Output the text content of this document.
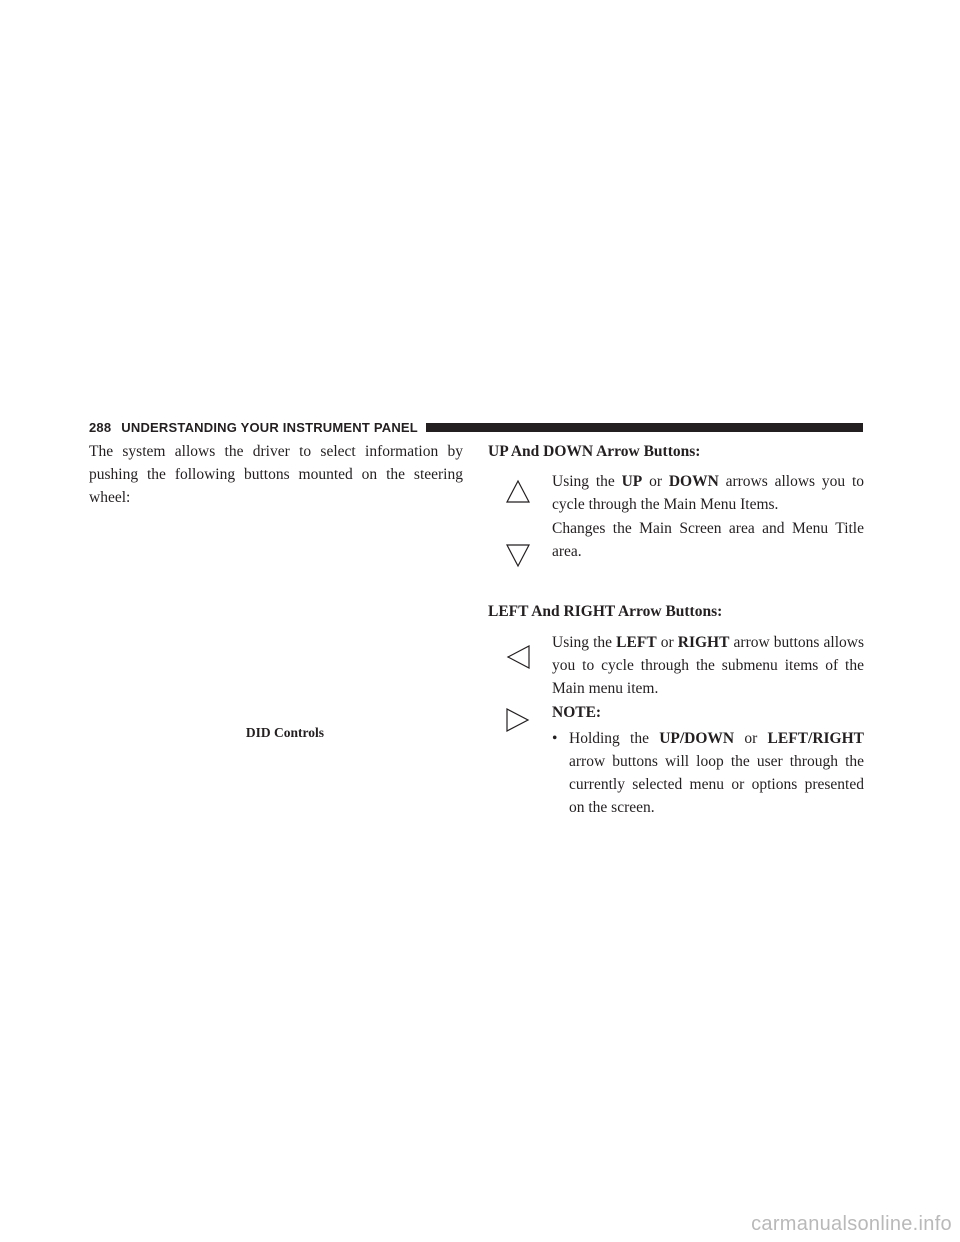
288 UNDERSTANDING YOUR INSTRUMENT PANEL
The system allows the driver to select information by pushing the following buttons mounted on the steering wheel:
DID Controls
UP And DOWN Arrow Buttons:
Using the UP or DOWN arrows allows you to cycle through the Main Menu Items.
Changes the Main Screen area and Menu Title area.
LEFT And RIGHT Arrow Buttons:
Using the LEFT or RIGHT arrow buttons allows you to cycle through the submenu items of the Main menu item.
NOTE:
• Holding the UP/DOWN or LEFT/RIGHT arrow buttons will loop the user through the currently selected menu or options presented on the screen.
carmanualsonline.info
